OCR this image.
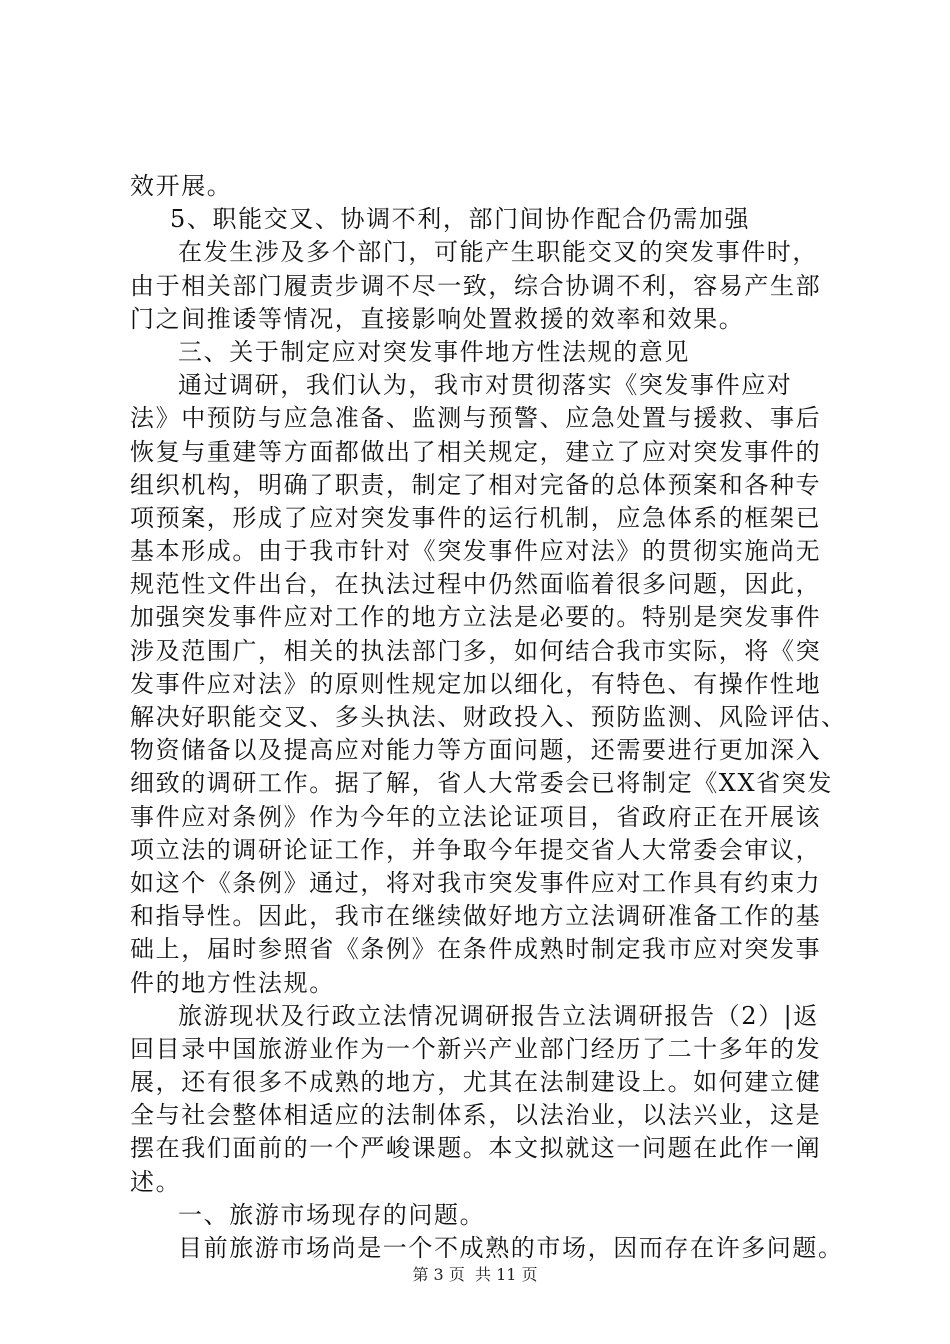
效开展。
5、职能交叉、协调不利，部门间协作配合仍需加强
在发生涉及多个部门，可能产生职能交叉的突发事件时，
由于相关部门履责步调不尽一致，综合协调不利，容易产生部
门之间推诿等情况，直接影响处置救援的效率和效果。
三、关于制定应对突发事件地方性法规的意见
通过调研，我们认为，我市对贯彻落实《突发事件应对
法》中预防与应急准备、监测与预警、应急处置与援救、事后
恢复与重建等方面都做出了相关规定，建立了应对突发事件的
组织机构，明确了职责，制定了相对完备的总体预案和各种专
项预案，形成了应对突发事件的运行机制，应急体系的框架已
基本形成。由于我市针对《突发事件应对法》的贯彻实施尚无
规范性文件出台，在执法过程中仍然面临着很多问题，因此，
加强突发事件应对工作的地方立法是必要的。特别是突发事件
涉及范围广，相关的执法部门多，如何结合我市实际，将《突
发事件应对法》的原则性规定加以细化，有特色、有操作性地
解决好职能交叉、多头执法、财政投入、预防监测、风险评估、
物资储备以及提高应对能力等方面问题，还需要进行更加深入
细致的调研工作。据了解，省人大常委会已将制定《XX省突发
事件应对条例》作为今年的立法论证项目，省政府正在开展该
项立法的调研论证工作，并争取今年提交省人大常委会审议，
如这个《条例》通过，将对我市突发事件应对工作具有约束力
和指导性。因此，我市在继续做好地方立法调研准备工作的基
础上，届时参照省《条例》在条件成熟时制定我市应对突发事
件的地方性法规。
旅游现状及行政立法情况调研报告立法调研报告（2）|返
回目录中国旅游业作为一个新兴产业部门经历了二十多年的发
展，还有很多不成熟的地方，尤其在法制建设上。如何建立健
全与社会整体相适应的法制体系，以法治业，以法兴业，这是
摆在我们面前的一个严峻课题。本文拟就这一问题在此作一阐
述。
一、旅游市场现存的问题。
目前旅游市场尚是一个不成熟的市场，因而存在许多问题。
第 3 页  共 11 页
